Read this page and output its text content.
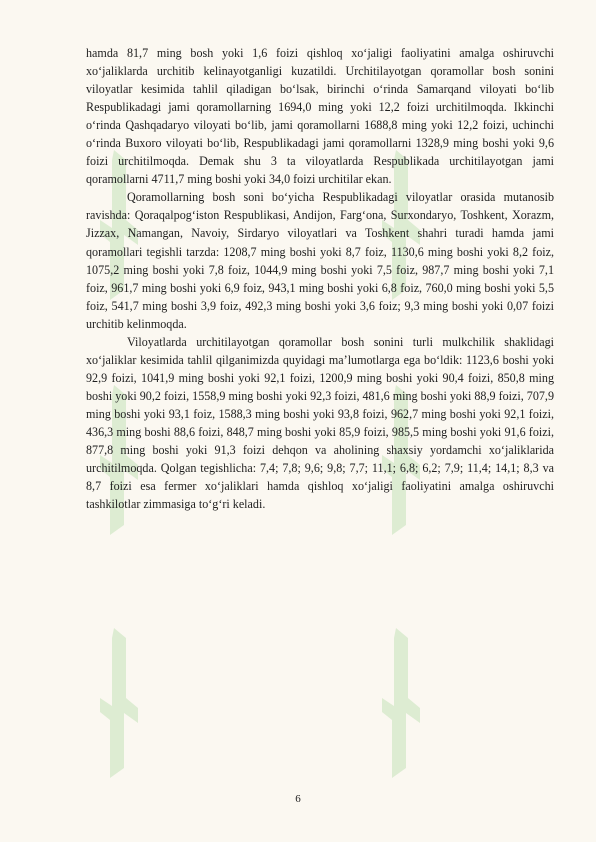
hamda 81,7 ming bosh yoki 1,6 foizi qishloq xo‘jaligi faoliyatini amalga oshiruvchi xo‘jaliklarda urchitib kelinayotganligi kuzatildi. Urchitilayotgan qoramollar bosh sonini viloyatlar kesimida tahlil qiladigan bo‘lsak, birinchi o‘rinda Samarqand viloyati bo‘lib Respublikadagi jami qoramollarning 1694,0 ming yoki 12,2 foizi urchitilmoqda. Ikkinchi o‘rinda Qashqadaryo viloyati bo‘lib, jami qoramollarni 1688,8 ming yoki 12,2 foizi, uchinchi o‘rinda Buxoro viloyati bo‘lib, Respublikadagi jami qoramollarni 1328,9 ming boshi yoki 9,6 foizi urchitilmoqda. Demak shu 3 ta viloyatlarda Respublikada urchitilayotgan jami qoramollarni 4711,7 ming boshi yoki 34,0 foizi urchitilar ekan.

Qoramollarning bosh soni bo‘yicha Respublikadagi viloyatlar orasida mutanosib ravishda: Qoraqalpog‘iston Respublikasi, Andijon, Farg‘ona, Surxondaryo, Toshkent, Xorazm, Jizzax, Namangan, Navoiy, Sirdaryo viloyatlari va Toshkent shahri turadi hamda jami qoramollari tegishli tarzda: 1208,7 ming boshi yoki 8,7 foiz, 1130,6 ming boshi yoki 8,2 foiz, 1075,2 ming boshi yoki 7,8 foiz, 1044,9 ming boshi yoki 7,5 foiz, 987,7 ming boshi yoki 7,1 foiz, 961,7 ming boshi yoki 6,9 foiz, 943,1 ming boshi yoki 6,8 foiz, 760,0 ming boshi yoki 5,5 foiz, 541,7 ming boshi 3,9 foiz, 492,3 ming boshi yoki 3,6 foiz; 9,3 ming boshi yoki 0,07 foizi urchitib kelinmoqda.

Viloyatlarda urchitilayotgan qoramollar bosh sonini turli mulkchilik shaklidagi xo‘jaliklar kesimida tahlil qilganimizda quyidagi ma’lumotlarga ega bo‘ldik: 1123,6 boshi yoki 92,9 foizi, 1041,9 ming boshi yoki 92,1 foizi, 1200,9 ming boshi yoki 90,4 foizi, 850,8 ming boshi yoki 90,2 foizi, 1558,9 ming boshi yoki 92,3 foizi, 481,6 ming boshi yoki 88,9 foizi, 707,9 ming boshi yoki 93,1 foiz, 1588,3 ming boshi yoki 93,8 foizi, 962,7 ming boshi yoki 92,1 foizi, 436,3 ming boshi 88,6 foizi, 848,7 ming boshi yoki 85,9 foizi, 985,5 ming boshi yoki 91,6 foizi, 877,8 ming boshi yoki 91,3 foizi dehqon va aholining shaxsiy yordamchi xo‘jaliklarida urchitilmoqda. Qolgan tegishlicha: 7,4; 7,8; 9,6; 9,8; 7,7; 11,1; 6,8; 6,2; 7,9; 11,4; 14,1; 8,3 va 8,7 foizi esa fermer xo‘jaliklari hamda qishloq xo‘jaligi faoliyatini amalga oshiruvchi tashkilotlar zimmasiga to‘g‘ri keladi.

6
